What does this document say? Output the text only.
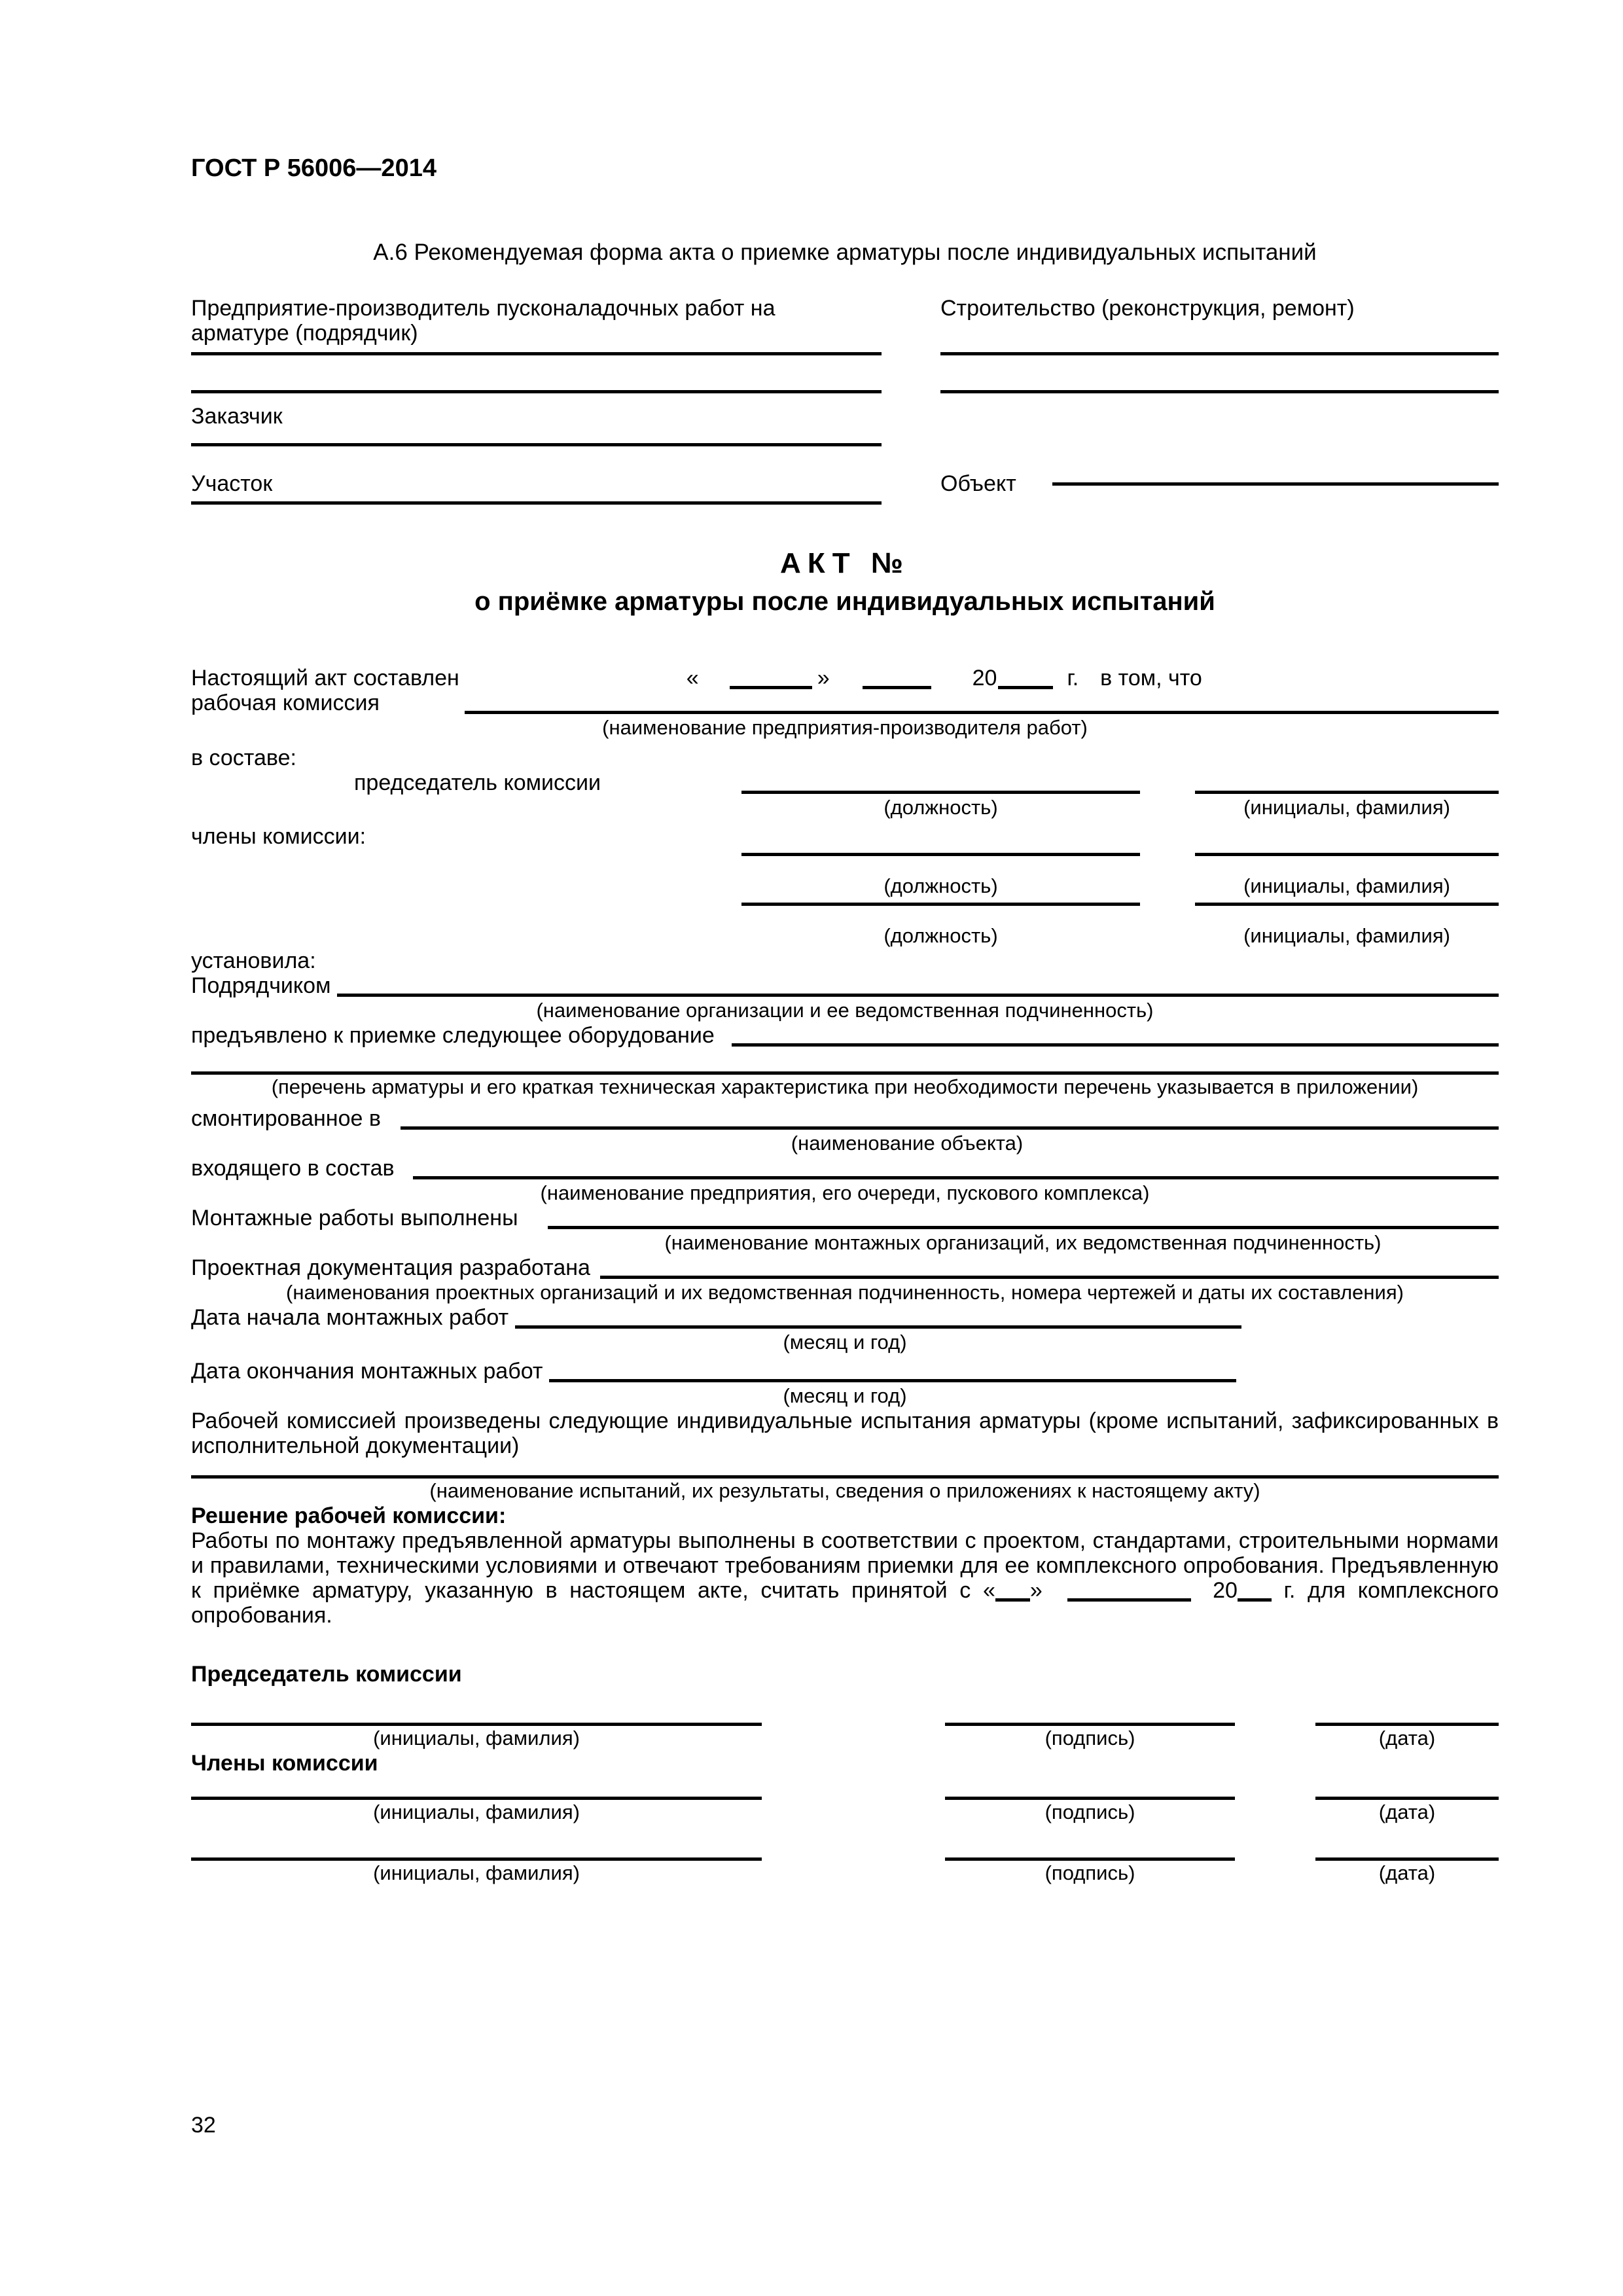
ГОСТ Р 56006—2014
А.6 Рекомендуемая форма акта о приемке арматуры после индивидуальных испытаний
Предприятие-производитель пусконаладочных работ на арматуре (подрядчик)
Строительство (реконструкция, ремонт)
Заказчик
Участок	Объект
АКТ №
о приёмке арматуры после индивидуальных испытаний
Настоящий акт составлен	«	»	20	г. в том, что
рабочая комиссия
(наименование предприятия-производителя работ)
в составе:
председатель комиссии
(должность)	(инициалы, фамилия)
члены комиссии:
(должность)	(инициалы, фамилия)
(должность)	(инициалы, фамилия)
установила:
Подрядчиком
(наименование организации и ее ведомственная подчиненность)
предъявлено к приемке следующее оборудование
(перечень арматуры и его краткая техническая характеристика при необходимости перечень указывается в приложении)
смонтированное в
(наименование объекта)
входящего в состав
(наименование предприятия, его очереди, пускового комплекса)
Монтажные работы выполнены
(наименование монтажных организаций, их ведомственная подчиненность)
Проектная документация разработана
(наименования проектных организаций и их ведомственная подчиненность, номера чертежей и даты их составления)
Дата начала монтажных работ
(месяц и год)
Дата окончания монтажных работ
(месяц и год)
Рабочей комиссией произведены следующие индивидуальные испытания арматуры (кроме испытаний, зафиксированных в исполнительной документации)
(наименование испытаний, их результаты, сведения о приложениях к настоящему акту)
Решение рабочей комиссии:
Работы по монтажу предъявленной арматуры выполнены в соответствии с проектом, стандартами, строительными нормами и правилами, техническими условиями и отвечают требованиям приемки для ее комплексного опробования. Предъявленную к приёмке арматуру, указанную в настоящем акте, считать принятой с « »	20 г. для комплексного опробования.
Председатель комиссии
(инициалы, фамилия)	(подпись)	(дата)
Члены комиссии
(инициалы, фамилия)	(подпись)	(дата)
(инициалы, фамилия)	(подпись)	(дата)
32
